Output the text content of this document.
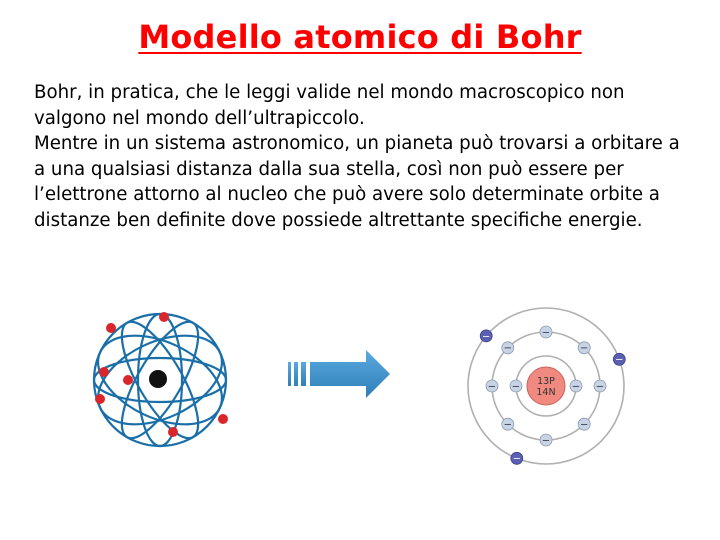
Modello atomico di Bohr

Bohr, in pratica, che le leggi valide nel mondo macroscopico non valgono nel mondo dell’ultrapiccolo.

Mentre in un sistema astronomico, un pianeta può trovarsi a orbitare a a una qualsiasi distanza dalla sua stella, così non può essere per l’elettrone attorno al nucleo che può avere solo determinate orbite a distanze ben definite dove possiede altrettante specifiche energie.

13P
14N
−	−
−
−
−
−
−
−
−
−
−
−
−
